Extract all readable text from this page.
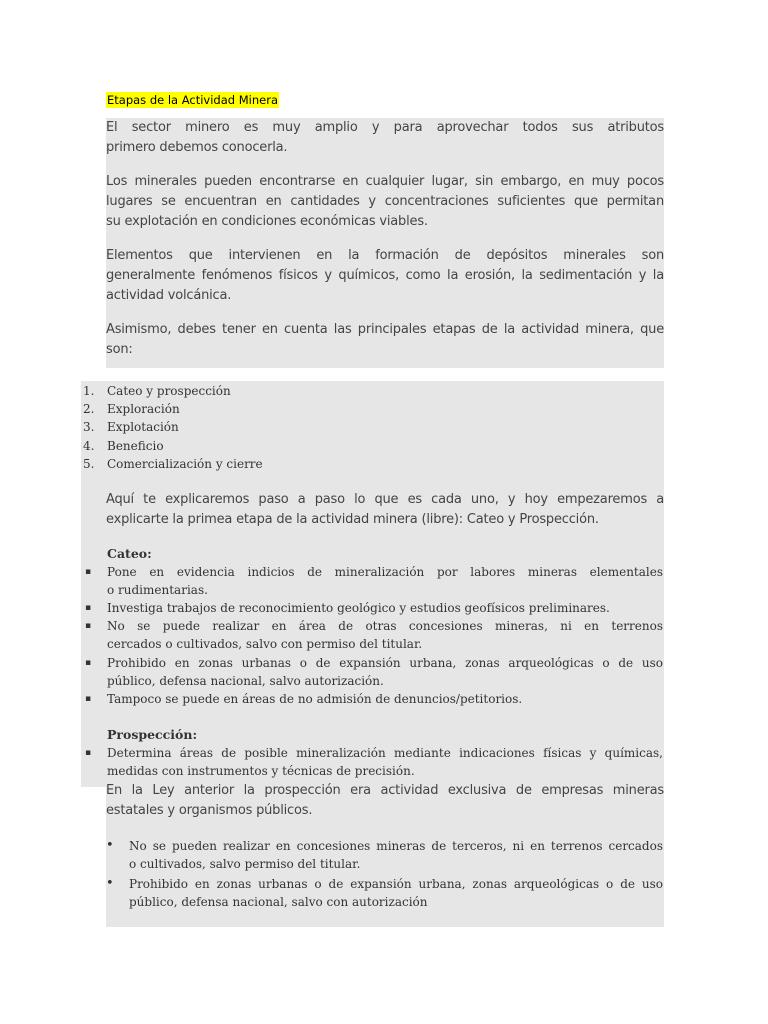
Etapas de la Actividad Minera
El sector minero es muy amplio y para aprovechar todos sus atributos
primero debemos conocerla.
Los minerales pueden encontrarse en cualquier lugar, sin embargo, en muy pocos
lugares se encuentran en cantidades y concentraciones suficientes que permitan
su explotación en condiciones económicas viables.
Elementos que intervienen en la formación de depósitos minerales son
generalmente fenómenos físicos y químicos, como la erosión, la sedimentación y la
actividad volcánica.
Asimismo, debes tener en cuenta las principales etapas de la actividad minera, que
son:
1.	Cateo y prospección
2.	Exploración
3.	Explotación
4.	Beneficio
5.	Comercialización y cierre
Aquí te explicaremos paso a paso lo que es cada uno, y hoy empezaremos a
explicarte la primea etapa de la actividad minera (libre): Cateo y Prospección.
Cateo:
▪ Pone en evidencia indicios de mineralización por labores mineras elementales
o rudimentarias.
▪ Investiga trabajos de reconocimiento geológico y estudios geofísicos preliminares.
▪ No se puede realizar en área de otras concesiones mineras, ni en terrenos
cercados o cultivados, salvo con permiso del titular.
▪ Prohibido en zonas urbanas o de expansión urbana, zonas arqueológicas o de uso
público, defensa nacional, salvo autorización.
▪ Tampoco se puede en áreas de no admisión de denuncios/petitorios.
Prospección:
▪ Determina áreas de posible mineralización mediante indicaciones físicas y químicas,
medidas con instrumentos y técnicas de precisión.
En la Ley anterior la prospección era actividad exclusiva de empresas mineras
estatales y organismos públicos.
• No se pueden realizar en concesiones mineras de terceros, ni en terrenos cercados
o cultivados, salvo permiso del titular.
• Prohibido en zonas urbanas o de expansión urbana, zonas arqueológicas o de uso
público, defensa nacional, salvo con autorización
